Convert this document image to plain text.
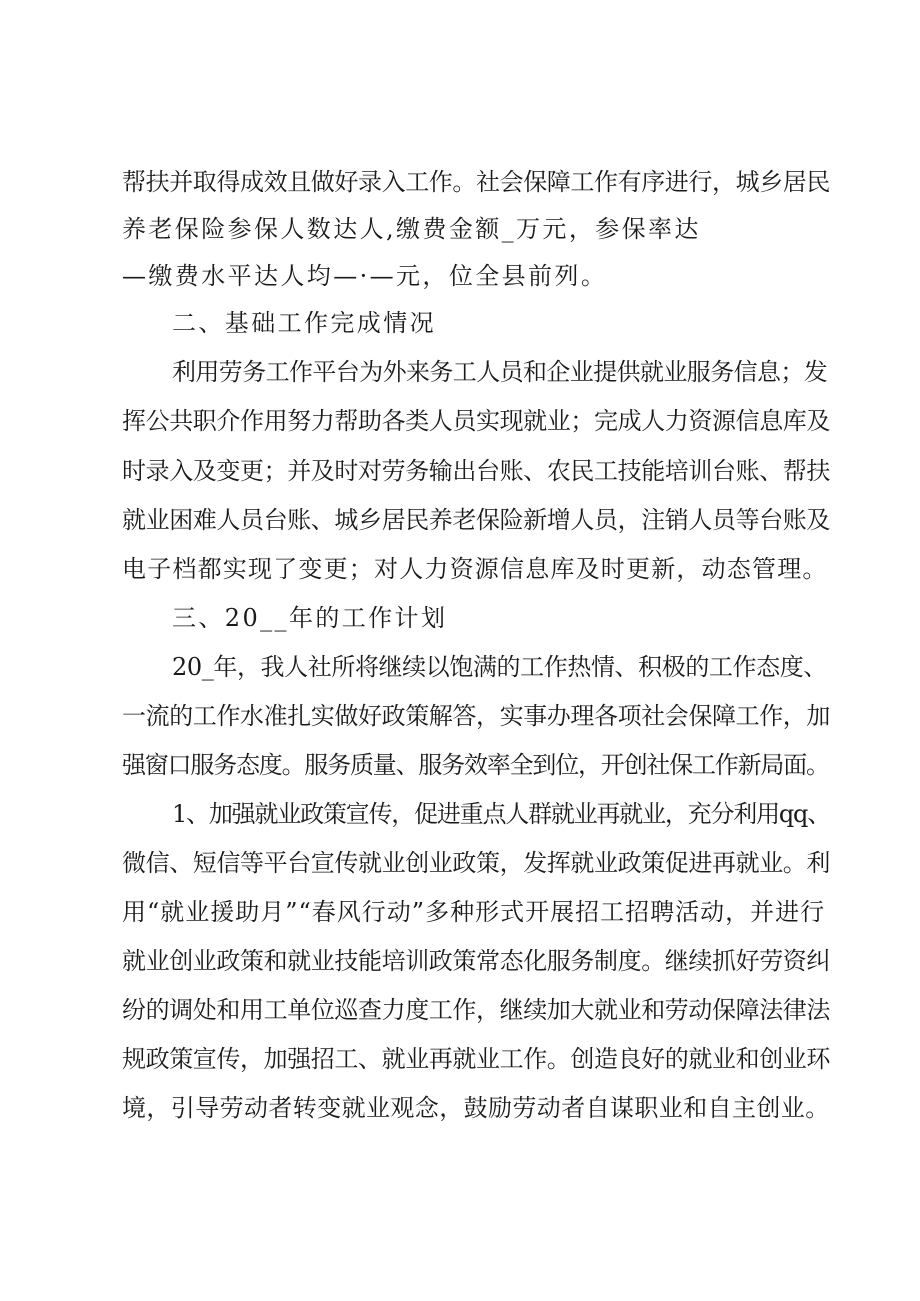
帮扶并取得成效且做好录入工作。社会保障工作有序进行，城乡居民
养老保险参保人数达人,缴费金额_万元，参保率达
—缴费水平达人均—·—元，位全县前列。
二、基础工作完成情况
利用劳务工作平台为外来务工人员和企业提供就业服务信息；发
挥公共职介作用努力帮助各类人员实现就业；完成人力资源信息库及
时录入及变更；并及时对劳务输出台账、农民工技能培训台账、帮扶
就业困难人员台账、城乡居民养老保险新增人员，注销人员等台账及
电子档都实现了变更；对人力资源信息库及时更新，动态管理。
三、20__年的工作计划
20_年，我人社所将继续以饱满的工作热情、积极的工作态度、
一流的工作水准扎实做好政策解答，实事办理各项社会保障工作，加
强窗口服务态度。服务质量、服务效率全到位，开创社保工作新局面。
1、加强就业政策宣传，促进重点人群就业再就业，充分利用qq、
微信、短信等平台宣传就业创业政策，发挥就业政策促进再就业。利
用“就业援助月”“春风行动”多种形式开展招工招聘活动，并进行
就业创业政策和就业技能培训政策常态化服务制度。继续抓好劳资纠
纷的调处和用工单位巡查力度工作，继续加大就业和劳动保障法律法
规政策宣传，加强招工、就业再就业工作。创造良好的就业和创业环
境，引导劳动者转变就业观念，鼓励劳动者自谋职业和自主创业。
